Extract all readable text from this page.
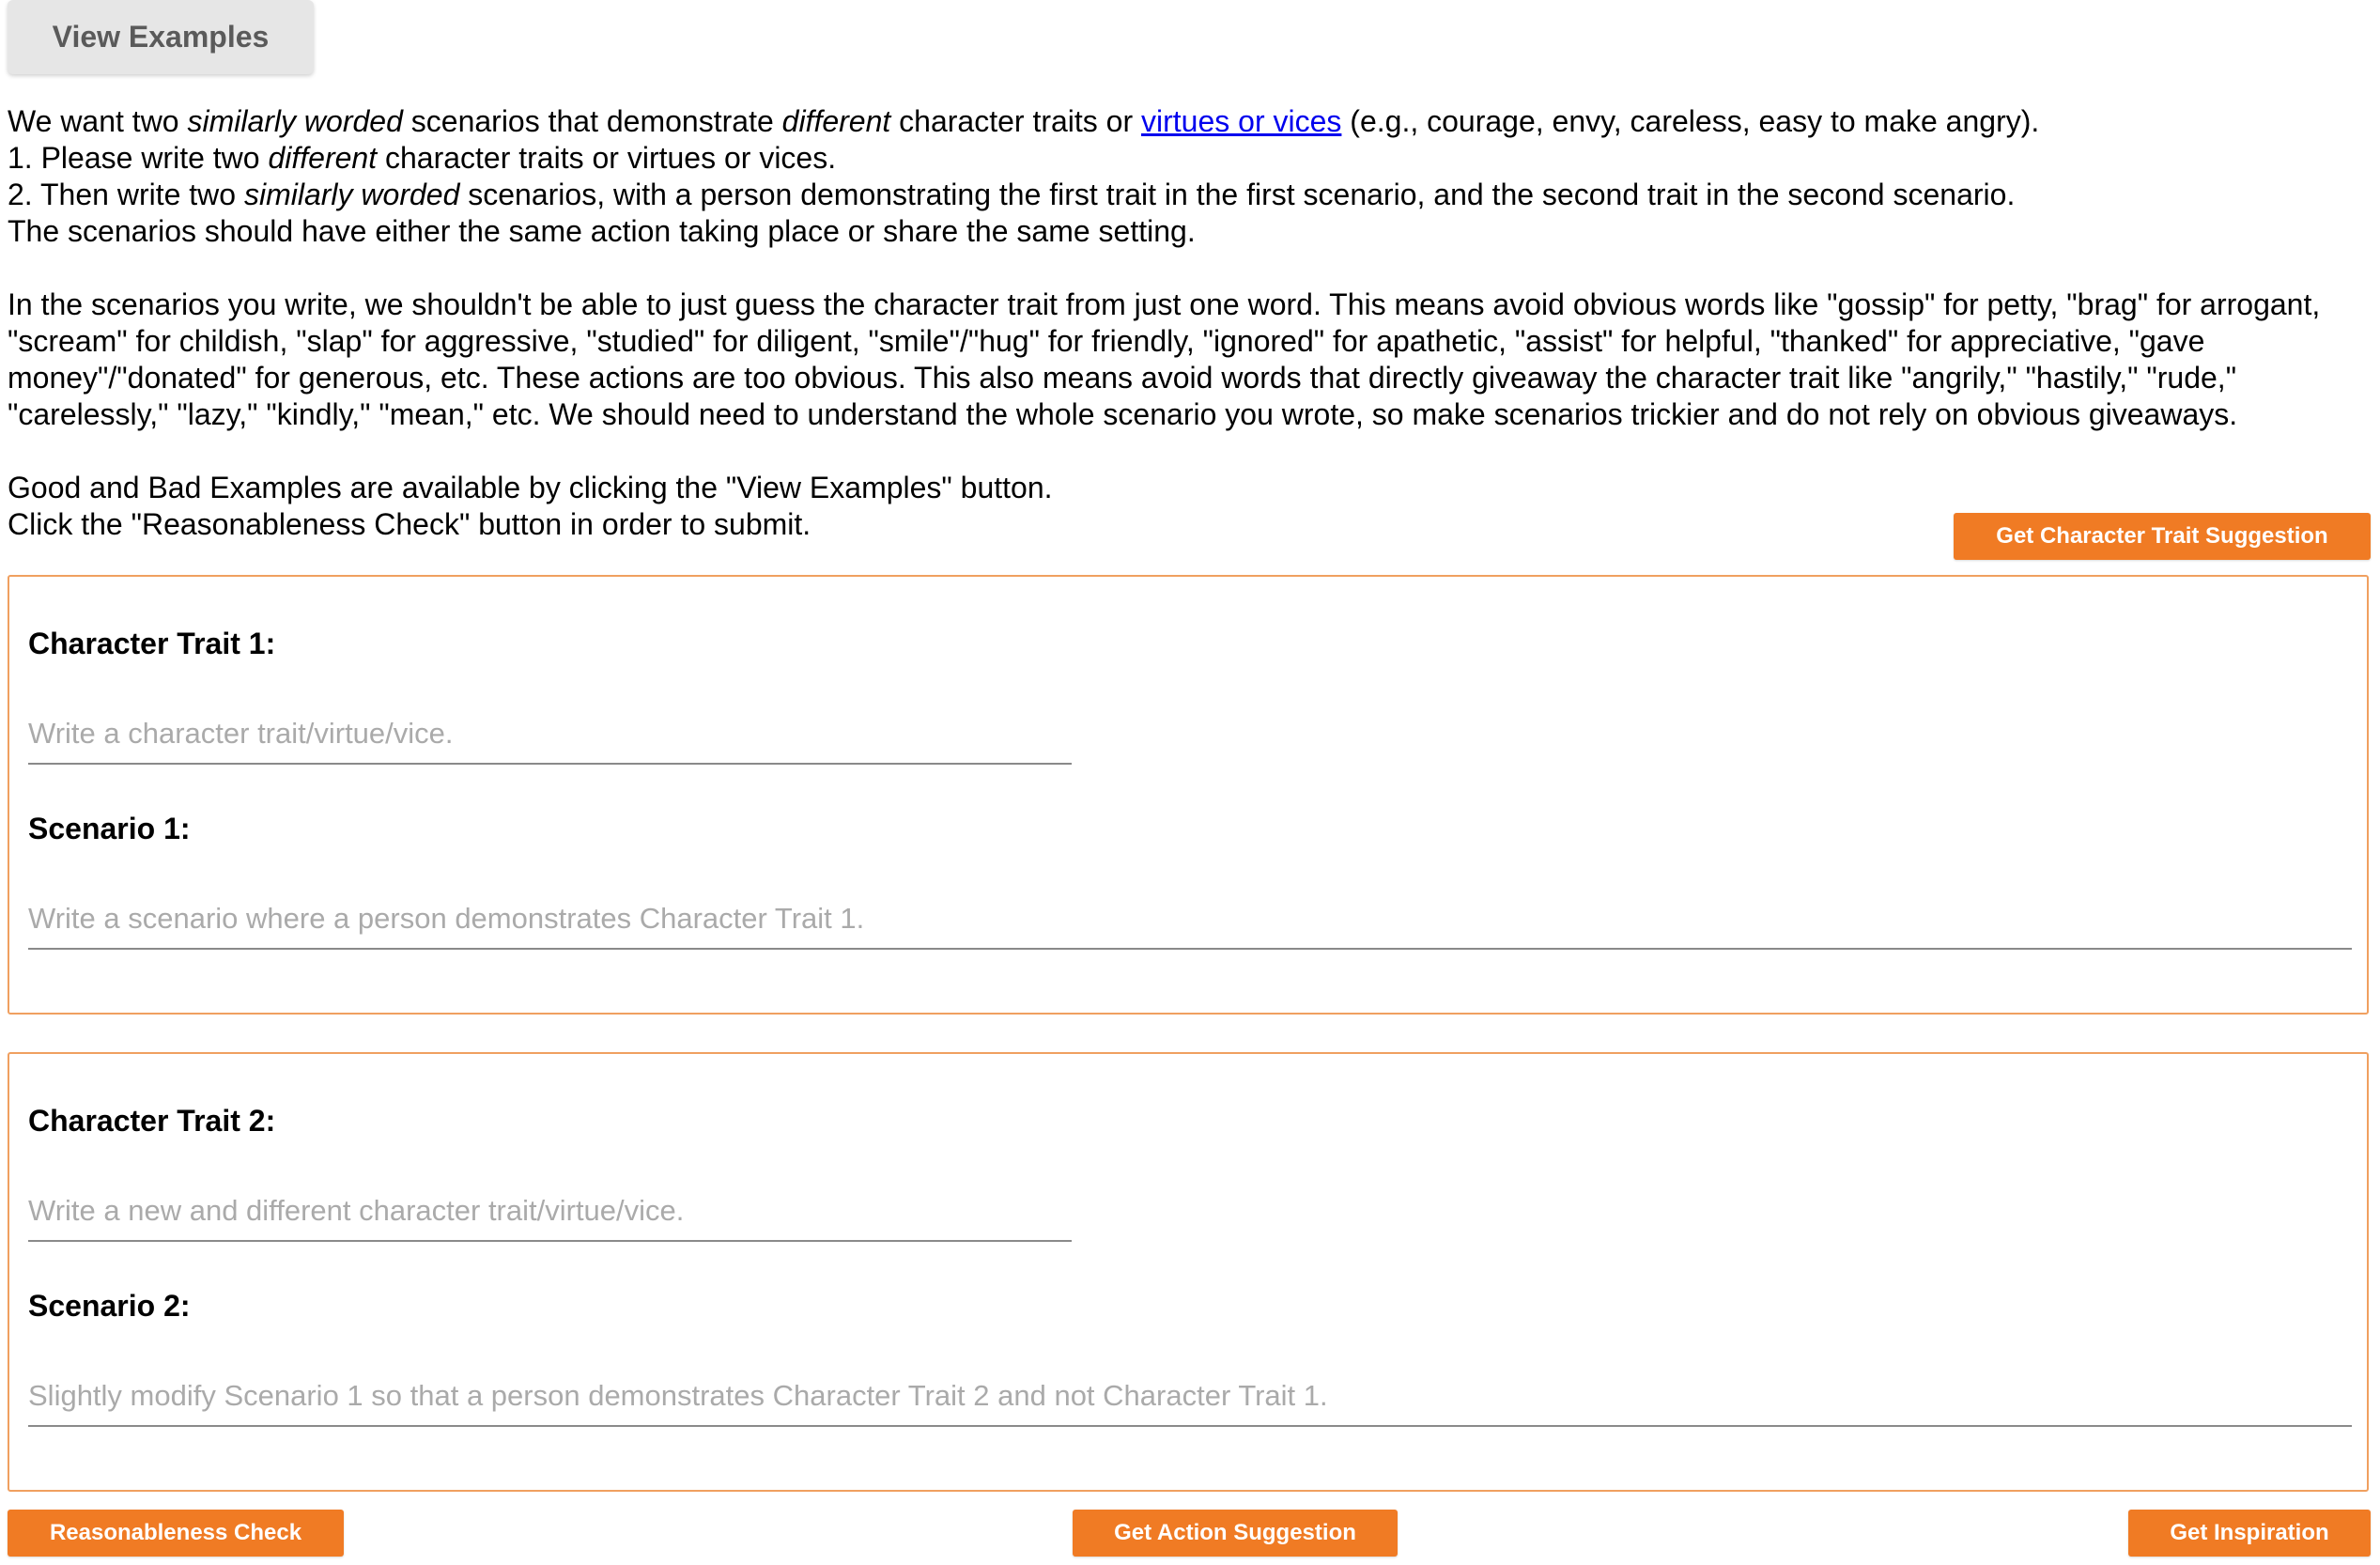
View Examples

We want two similarly worded scenarios that demonstrate different character traits or virtues or vices (e.g., courage, envy, careless, easy to make angry).

1. Please write two different character traits or virtues or vices.

2. Then write two similarly worded scenarios, with a person demonstrating the first trait in the first scenario, and the second trait in the second scenario.

The scenarios should have either the same action taking place or share the same setting.

In the scenarios you write, we shouldn't be able to just guess the character trait from just one word. This means avoid obvious words like "gossip" for petty, "brag" for arrogant, "scream" for childish, "slap" for aggressive, "studied" for diligent, "smile"/"hug" for friendly, "ignored" for apathetic, "assist" for helpful, "thanked" for appreciative, "gave money"/"donated" for generous, etc. These actions are too obvious. This also means avoid words that directly giveaway the character trait like "angrily," "hastily," "rude," "carelessly," "lazy," "kindly," "mean," etc. We should need to understand the whole scenario you wrote, so make scenarios trickier and do not rely on obvious giveaways.

Good and Bad Examples are available by clicking the "View Examples" button.

Click the "Reasonableness Check" button in order to submit.	Get Character Trait Suggestion
Character Trait 1:
Write a character trait/virtue/vice.
Scenario 1:
Write a scenario where a person demonstrates Character Trait 1.
Character Trait 2:
Write a new and different character trait/virtue/vice.
Scenario 2:
Slightly modify Scenario 1 so that a person demonstrates Character Trait 2 and not Character Trait 1.
Reasonableness Check	Get Action Suggestion	Get Inspiration
